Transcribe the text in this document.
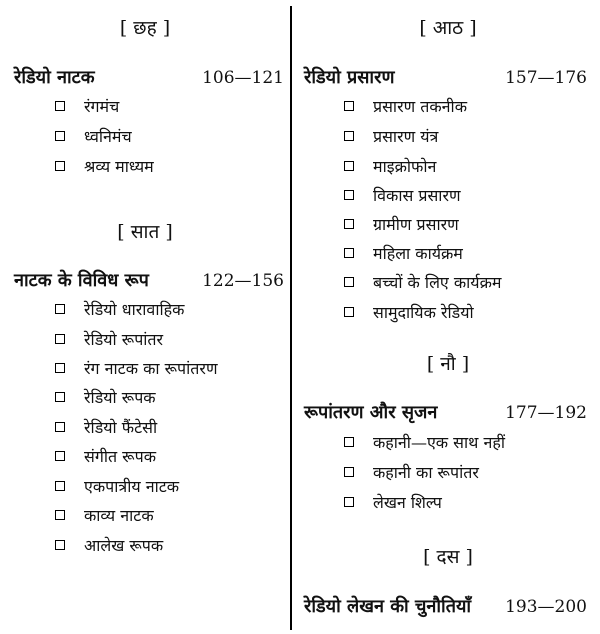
[ छह ]
रेडियो नाटक	106—121
रंगमंच
ध्वनिमंच
श्रव्य माध्यम
[ सात ]
नाटक के विविध रूप	122—156
रेडियो धारावाहिक
रेडियो रूपांतर
रंग नाटक का रूपांतरण
रेडियो रूपक
रेडियो फैंटेसी
संगीत रूपक
एकपात्रीय नाटक
काव्य नाटक
आलेख रूपक
[ आठ ]
रेडियो प्रसारण	157—176
प्रसारण तकनीक
प्रसारण यंत्र
माइक्रोफोन
विकास प्रसारण
ग्रामीण प्रसारण
महिला कार्यक्रम
बच्चों के लिए कार्यक्रम
सामुदायिक रेडियो
[ नौ ]
रूपांतरण और सृजन	177—192
कहानी—एक साथ नहीं
कहानी का रूपांतर
लेखन शिल्प
[ दस ]
रेडियो लेखन की चुनौतियाँ 193—200
